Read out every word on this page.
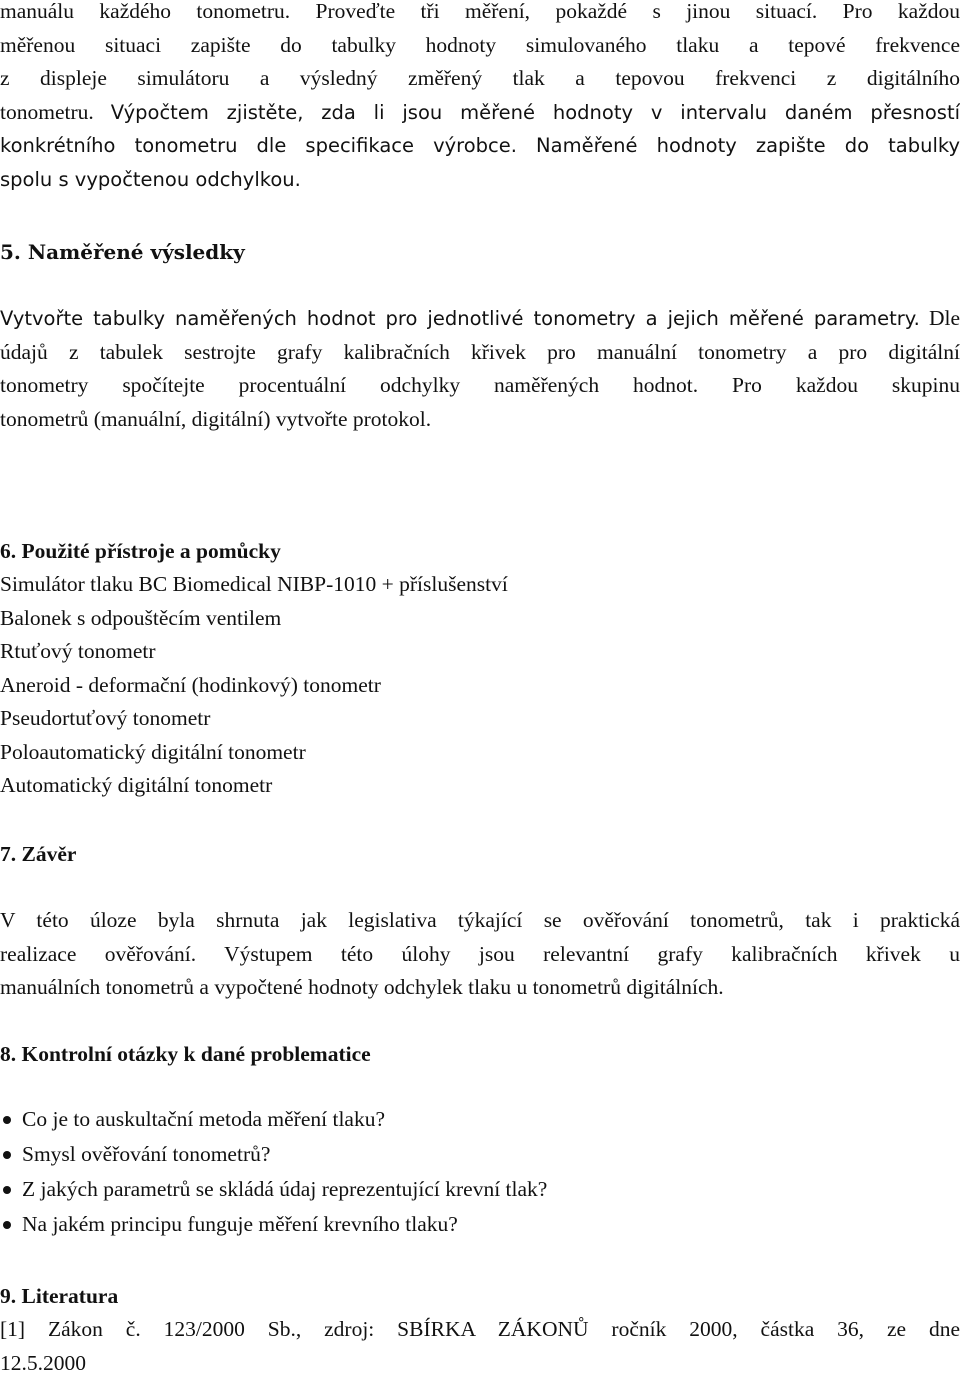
manuálu každého tonometru. Proveďte tři měření, pokaždé s jinou situací. Pro každou
měřenou situaci zapište do tabulky hodnoty simulovaného tlaku a tepové frekvence
z displeje simulátoru a výsledný změřený tlak a tepovou frekvenci z digitálního
tonometru. Výpočtem zjistěte, zda li jsou měřené hodnoty v intervalu daném přesností
konkrétního tonometru dle specifikace výrobce. Naměřené hodnoty zapište do tabulky
spolu s vypočtenou odchylkou.
5. Naměřené výsledky
Vytvořte tabulky naměřených hodnot pro jednotlivé tonometry a jejich měřené parametry. Dle
údajů z tabulek sestrojte grafy kalibračních křivek pro manuální tonometry a pro digitální
tonometry spočítejte procentuální odchylky naměřených hodnot. Pro každou skupinu
tonometrů (manuální, digitální) vytvořte protokol.
6. Použité přístroje a pomůcky
Simulátor tlaku BC Biomedical NIBP-1010 + příslušenství
Balonek s odpouštěcím ventilem
Rtuťový tonometr
Aneroid - deformační (hodinkový) tonometr
Pseudortuťový tonometr
Poloautomatický digitální tonometr
Automatický digitální tonometr
7. Závěr
V této úloze byla shrnuta jak legislativa týkající se ověřování tonometrů, tak i praktická
realizace ověřování. Výstupem této úlohy jsou relevantní grafy kalibračních křivek u
manuálních tonometrů a vypočtené hodnoty odchylek tlaku u tonometrů digitálních.
8. Kontrolní otázky k dané problematice
Co je to auskultační metoda měření tlaku?
Smysl ověřování tonometrů?
Z jakých parametrů se skládá údaj reprezentující krevní tlak?
Na jakém principu funguje měření krevního tlaku?
9. Literatura
[1] Zákon č. 123/2000 Sb., zdroj: SBÍRKA ZÁKONŮ ročník 2000, částka 36, ze dne
12.5.2000
